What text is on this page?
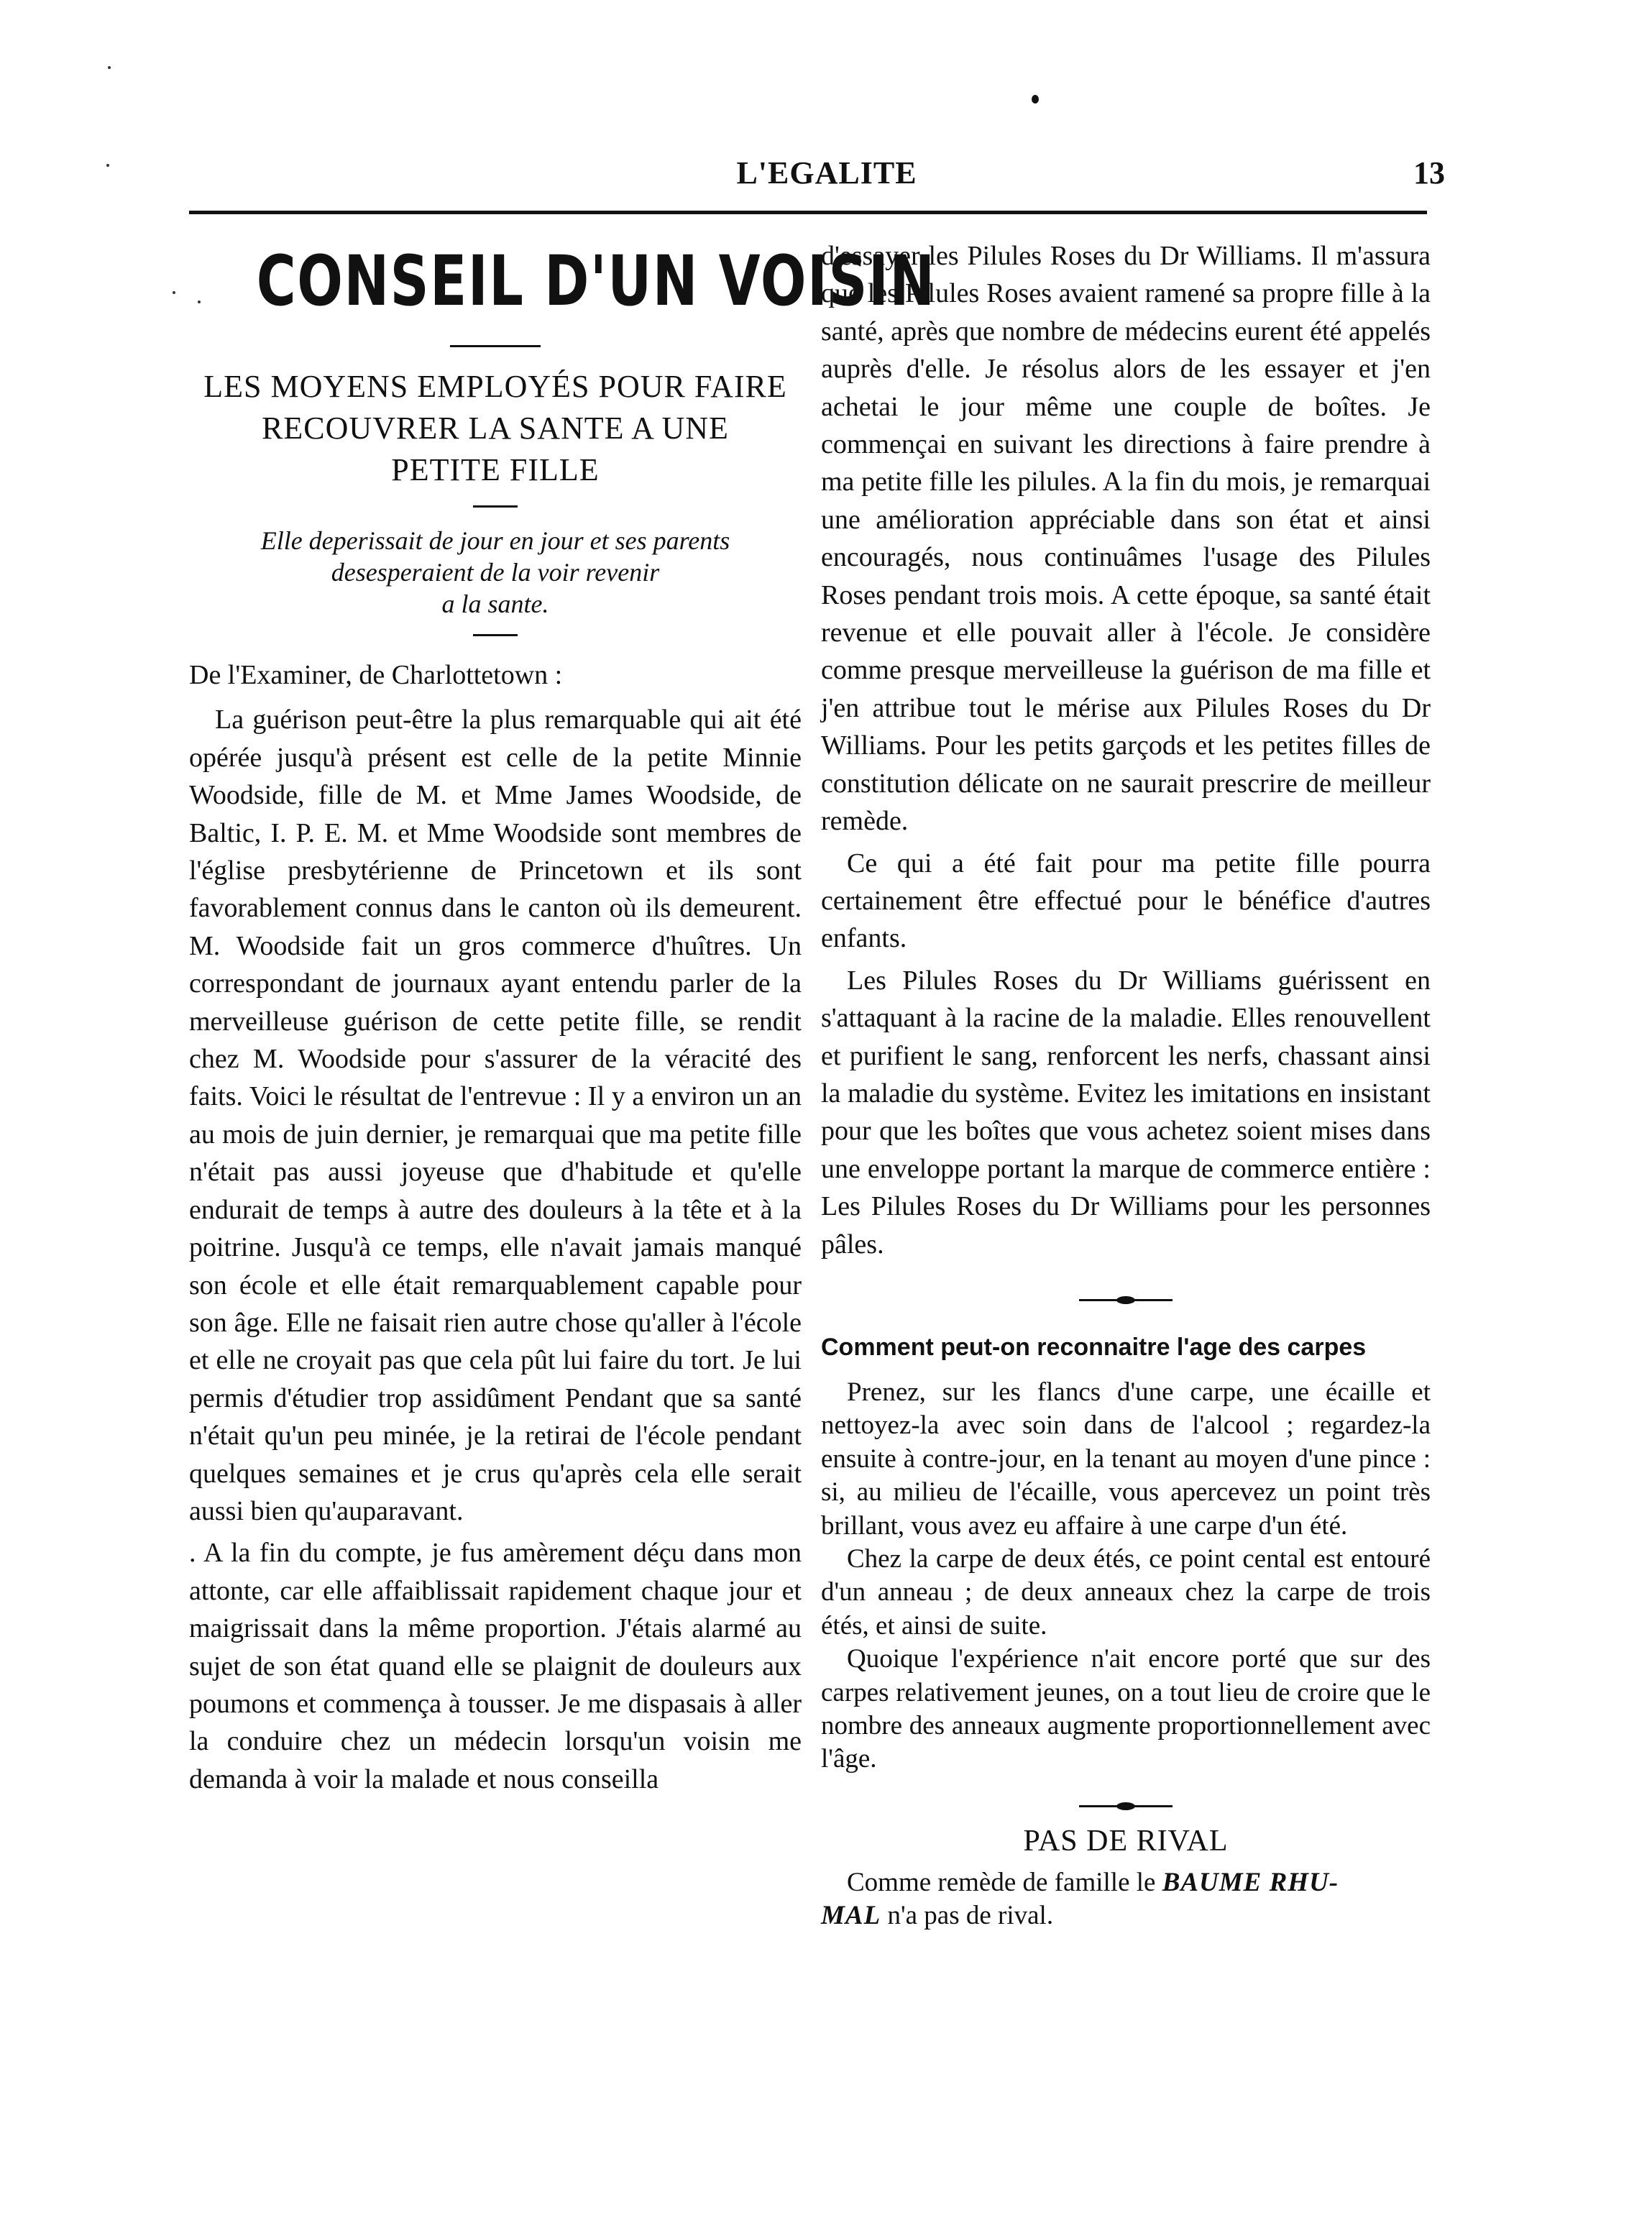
L'EGALITE	13
CONSEIL D'UN VOISIN

LES MOYENS EMPLOYÉS POUR FAIRE

RECOUVRER LA SANTE A UNE

PETITE FILLE

Elle deperissait de jour en jour et ses parents

desesperaient de la voir revenir

a la sante.

De l'Examiner, de Charlottetown :

La guérison peut-être la plus remarquable qui ait été opérée jusqu'à présent est celle de la petite Minnie Woodside, fille de M. et Mme James Woodside, de Baltic, I. P. E. M. et Mme Woodside sont membres de l'église presbytérienne de Princetown et ils sont favorablement connus dans le canton où ils demeurent. M. Woodside fait un gros commerce d'huîtres. Un correspondant de journaux ayant entendu parler de la merveilleuse guérison de cette petite fille, se rendit chez M. Woodside pour s'assurer de la véracité des faits. Voici le résultat de l'entrevue : Il y a environ un an au mois de juin dernier, je remarquai que ma petite fille n'était pas aussi joyeuse que d'habitude et qu'elle endurait de temps à autre des douleurs à la tête et à la poitrine. Jusqu'à ce temps, elle n'avait jamais manqué son école et elle était remarquablement capable pour son âge. Elle ne faisait rien autre chose qu'aller à l'école et elle ne croyait pas que cela pût lui faire du tort. Je lui permis d'étudier trop assidûment Pendant que sa santé n'était qu'un peu minée, je la retirai de l'école pendant quelques semaines et je crus qu'après cela elle serait aussi bien qu'auparavant.

. A la fin du compte, je fus amèrement déçu dans mon attonte, car elle affaiblissait rapidement chaque jour et maigrissait dans la même proportion. J'étais alarmé au sujet de son état quand elle se plaignit de douleurs aux poumons et commença à tousser. Je me dispasais à aller la conduire chez un médecin lorsqu'un voisin me demanda à voir la malade et nous conseilla

d'essayer les Pilules Roses du Dr Williams. Il m'assura que les Pilules Roses avaient ramené sa propre fille à la santé, après que nombre de médecins eurent été appelés auprès d'elle. Je résolus alors de les essayer et j'en achetai le jour même une couple de boîtes. Je commençai en suivant les directions à faire prendre à ma petite fille les pilules. A la fin du mois, je remarquai une amélioration appréciable dans son état et ainsi encouragés, nous continuâmes l'usage des Pilules Roses pendant trois mois. A cette époque, sa santé était revenue et elle pouvait aller à l'école. Je considère comme presque merveilleuse la guérison de ma fille et j'en attribue tout le mérise aux Pilules Roses du Dr Williams. Pour les petits garçods et les petites filles de constitution délicate on ne saurait prescrire de meilleur remède.

Ce qui a été fait pour ma petite fille pourra certainement être effectué pour le bénéfice d'autres enfants.

Les Pilules Roses du Dr Williams guérissent en s'attaquant à la racine de la maladie. Elles renouvellent et purifient le sang, renforcent les nerfs, chassant ainsi la maladie du système. Evitez les imitations en insistant pour que les boîtes que vous achetez soient mises dans une enveloppe portant la marque de commerce entière : Les Pilules Roses du Dr Williams pour les personnes pâles.

Comment peut-on reconnaitre l'age des carpes

Prenez, sur les flancs d'une carpe, une écaille et nettoyez-la avec soin dans de l'alcool ; regardez-la ensuite à contre-jour, en la tenant au moyen d'une pince : si, au milieu de l'écaille, vous apercevez un point très brillant, vous avez eu affaire à une carpe d'un été.

Chez la carpe de deux étés, ce point cental est entouré d'un anneau ; de deux anneaux chez la carpe de trois étés, et ainsi de suite.

Quoique l'expérience n'ait encore porté que sur des carpes relativement jeunes, on a tout lieu de croire que le nombre des anneaux augmente proportionnellement avec l'âge.

PAS DE RIVAL

Comme remède de famille le BAUME RHU-
MAL n'a pas de rival.
